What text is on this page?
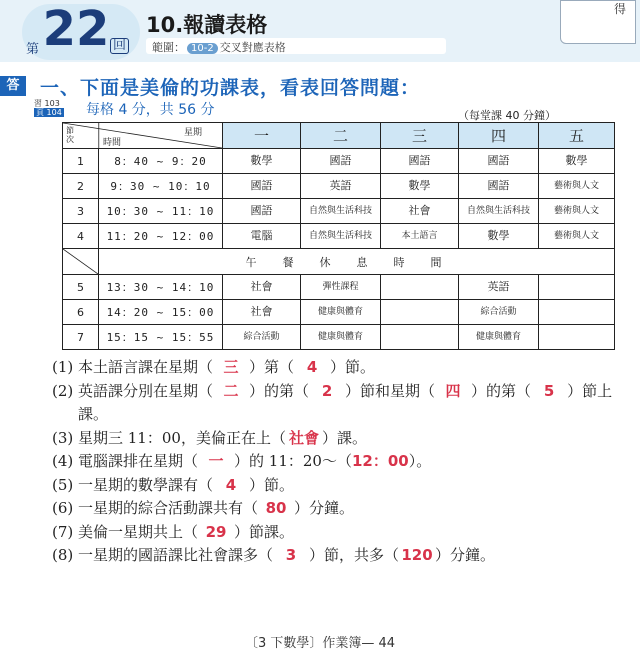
第 22 回
10.報讀表格
範圍： 10-2 交叉對應表格
得
答	一、下面是美倫的功課表，看表回答問題：
習 103
頁 104 每格 4 分，共 56 分	（每堂課 40 分鐘）
節次 時間
星期		一	二	三	四	五
1	8：40 ~ 9：20	數學	國語	國語	國語	數學
2	9：30 ~ 10：10	國語	英語	數學	國語	藝術與人文
3	10：30 ~ 11：10	國語	自然與生活科技	社會	自然與生活科技	藝術與人文
4	11：20 ~ 12：00	電腦	自然與生活科技	本土語言	數學	藝術與人文

	午餐休息時間					
5	13：30 ~ 14：10	社會	彈性課程		英語	
6	14：20 ~ 15：00	社會	健康與體育		綜合活動	
7	15：15 ~ 15：55	綜合活動	健康與體育		健康與體育	
(1) 本土語言課在星期（ 三 ）第（ 4 ）節。
(2) 英語課分別在星期（ 二 ）的第（ 2 ）節和星期（ 四 ）的第（ 5 ）節上課。
(3) 星期三 11：00，美倫正在上（ 社會 ）課。
(4) 電腦課排在星期（ 一 ）的 11：20～（12：00）。
(5) 一星期的數學課有（ 4 ）節。
(6) 一星期的綜合活動課共有（ 80 ）分鐘。
(7) 美倫一星期共上（ 29 ）節課。
(8) 一星期的國語課比社會課多（ 3 ）節，共多（ 120 ）分鐘。
〔3 下數學〕作業簿— 44
